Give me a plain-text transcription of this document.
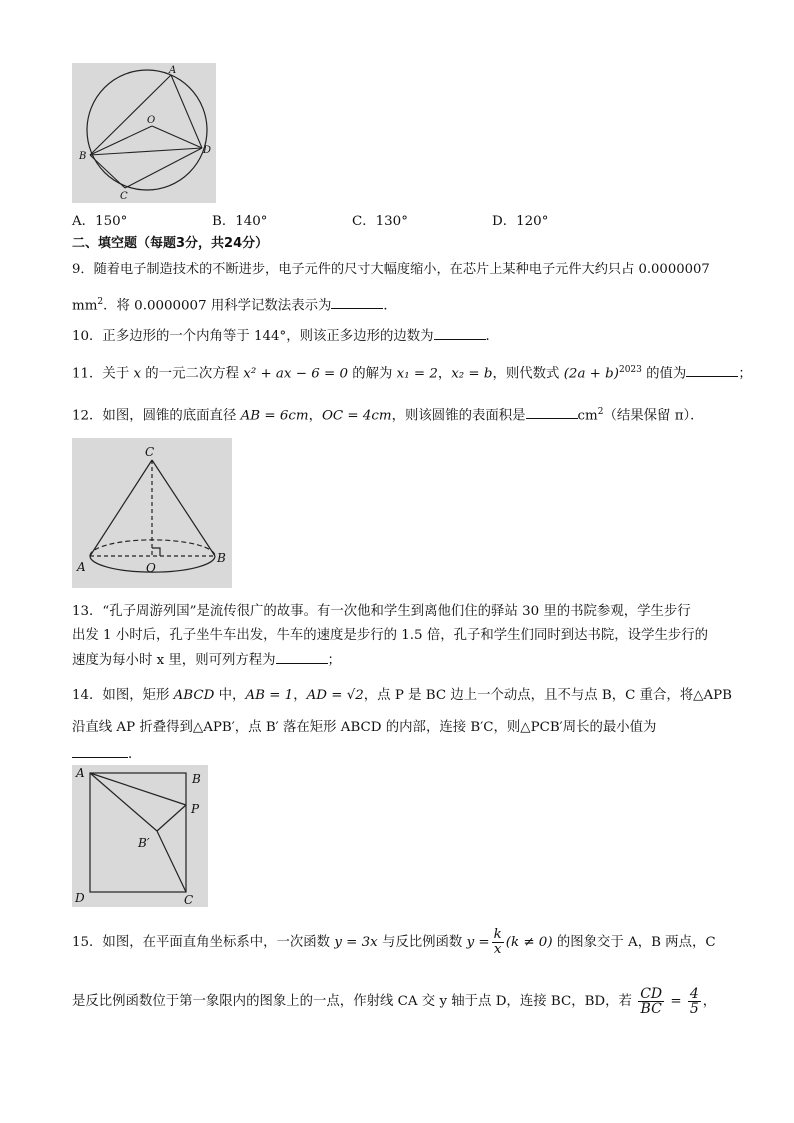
A
O
B
D
C
A．150°	B．140°	C．130°	D．120°
二、填空题（每题3分，共24分）
9．随着电子制造技术的不断进步，电子元件的尺寸大幅度缩小，在芯片上某种电子元件大约只占 0.0000007
$mm^2$．将 0.0000007 用科学记数法表示为	．
10．正多边形的一个内角等于 144°，则该正多边形的边数为	．
11．关于 x 的一元二次方程 x² + ax − 6 = 0 的解为 x₁ = 2，x₂ = b，则代数式 $(2a + b)^{2023}$ 的值为	；
12．如图，圆锥的底面直径 AB = 6cm，OC = 4cm，则该圆锥的表面积是	$cm^2$（结果保留 π）．
C
A	O
B
13．“孔子周游列国”是流传很广的故事。有一次他和学生到离他们住的驿站 30 里的书院参观，学生步行
出发 1 小时后，孔子坐牛车出发，牛车的速度是步行的 1.5 倍，孔子和学生们同时到达书院，设学生步行的
速度为每小时 x 里，则可列方程为	；
14．如图，矩形 ABCD 中，AB = 1，AD = √2，点 P 是 BC 边上一个动点，且不与点 B，C 重合，将△APB
沿直线 AP 折叠得到△APB′，点 B′ 落在矩形 ABCD 的内部，连接 B′C，则△PCB′周长的最小值为
．
A	B
P
B′
D	C
15．如图，在平面直角坐标系中，一次函数 y = 3x 与反比例函数 $y = \frac{k}{x} (k \ne 0)$ 的图象交于 A，B 两点，C
是反比例函数位于第一象限内的图象上的一点，作射线 CA 交 y 轴于点 D，连接 BC，BD，若 $\frac{CD}{BC} = \frac{4}{5}$ ，
